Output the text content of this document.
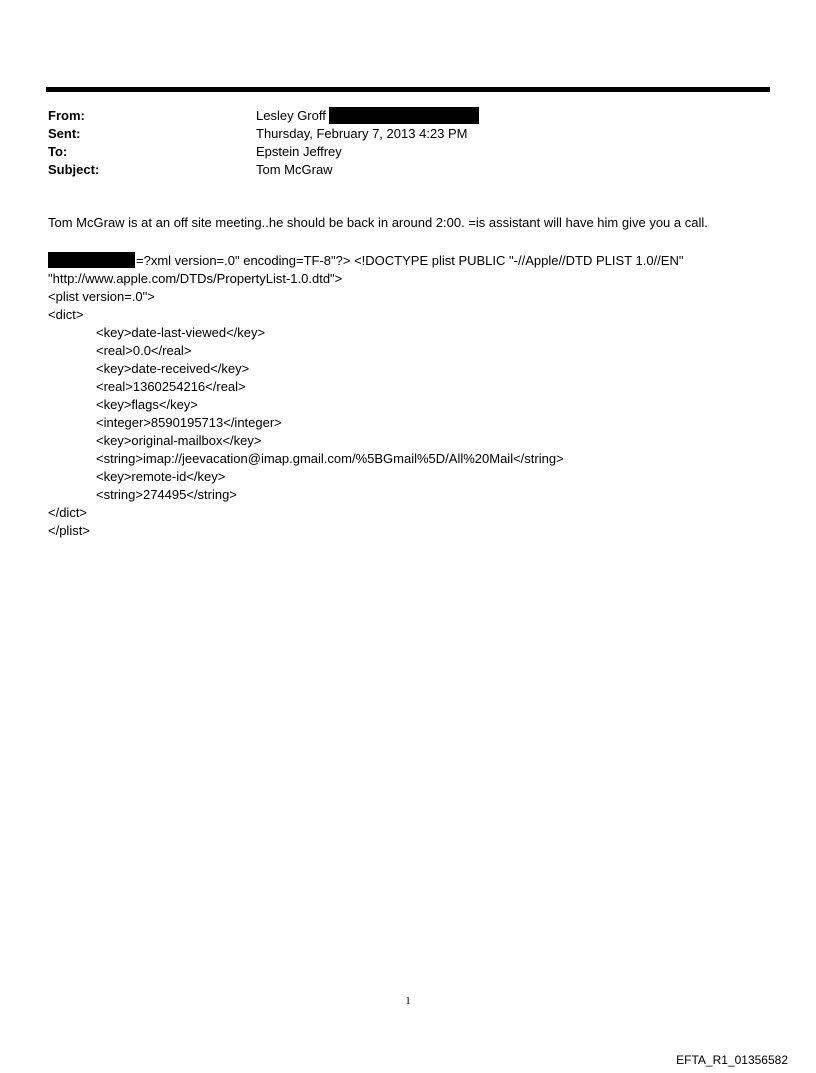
From:	Lesley Groff
Sent:	Thursday, February 7, 2013 4:23 PM
To:	Epstein Jeffrey
Subject:	Tom McGraw
Tom McGraw is at an off site meeting..he should be back in around 2:00. =is assistant will have him give you a call.
=?xml version=.0" encoding=TF-8"?> <!DOCTYPE plist PUBLIC "-//Apple//DTD PLIST 1.0//EN"
"http://www.apple.com/DTDs/PropertyList-1.0.dtd">
<plist version=.0">
<dict>
<key>date-last-viewed</key>
<real>0.0</real>
<key>date-received</key>
<real>1360254216</real>
<key>flags</key>
<integer>8590195713</integer>
<key>original-mailbox</key>
<string>imap://jeevacation@imap.gmail.com/%5BGmail%5D/All%20Mail</string>
<key>remote-id</key>
<string>274495</string>
</dict>
</plist>
1
EFTA_R1_01356582
